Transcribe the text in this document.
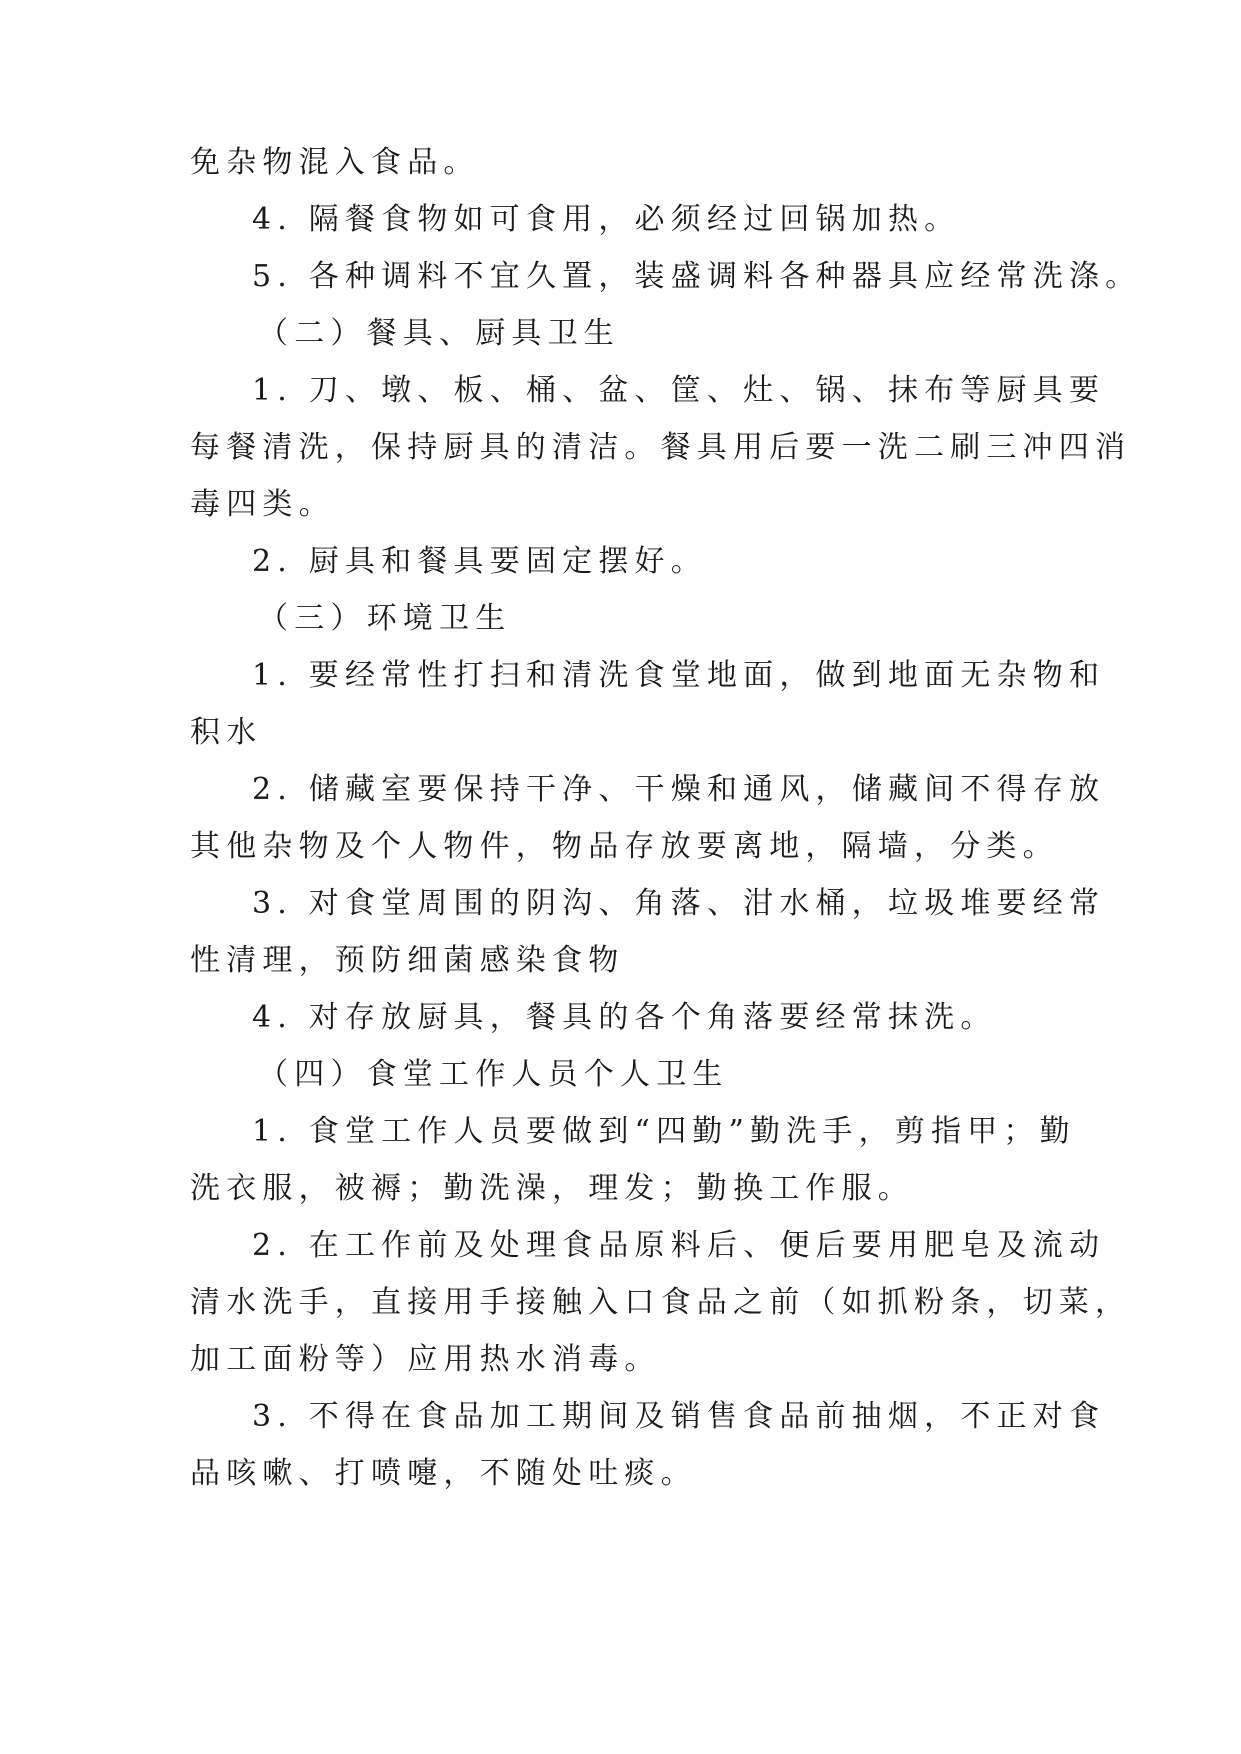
免杂物混入食品。
4. 隔餐食物如可食用，必须经过回锅加热。
5. 各种调料不宜久置，装盛调料各种器具应经常洗涤。
（二）餐具、厨具卫生
1. 刀、墩、板、桶、盆、筐、灶、锅、抹布等厨具要
每餐清洗，保持厨具的清洁。餐具用后要一洗二刷三冲四消
毒四类。
2. 厨具和餐具要固定摆好。
（三）环境卫生
1. 要经常性打扫和清洗食堂地面，做到地面无杂物和
积水
2. 储藏室要保持干净、干燥和通风，储藏间不得存放
其他杂物及个人物件，物品存放要离地，隔墙，分类。
3. 对食堂周围的阴沟、角落、泔水桶，垃圾堆要经常
性清理，预防细菌感染食物
4. 对存放厨具，餐具的各个角落要经常抹洗。
（四）食堂工作人员个人卫生
1. 食堂工作人员要做到“四勤”勤洗手，剪指甲；勤
洗衣服，被褥；勤洗澡，理发；勤换工作服。
2. 在工作前及处理食品原料后、便后要用肥皂及流动
清水洗手，直接用手接触入口食品之前（如抓粉条，切菜，
加工面粉等）应用热水消毒。
3. 不得在食品加工期间及销售食品前抽烟，不正对食
品咳嗽、打喷嚏，不随处吐痰。
